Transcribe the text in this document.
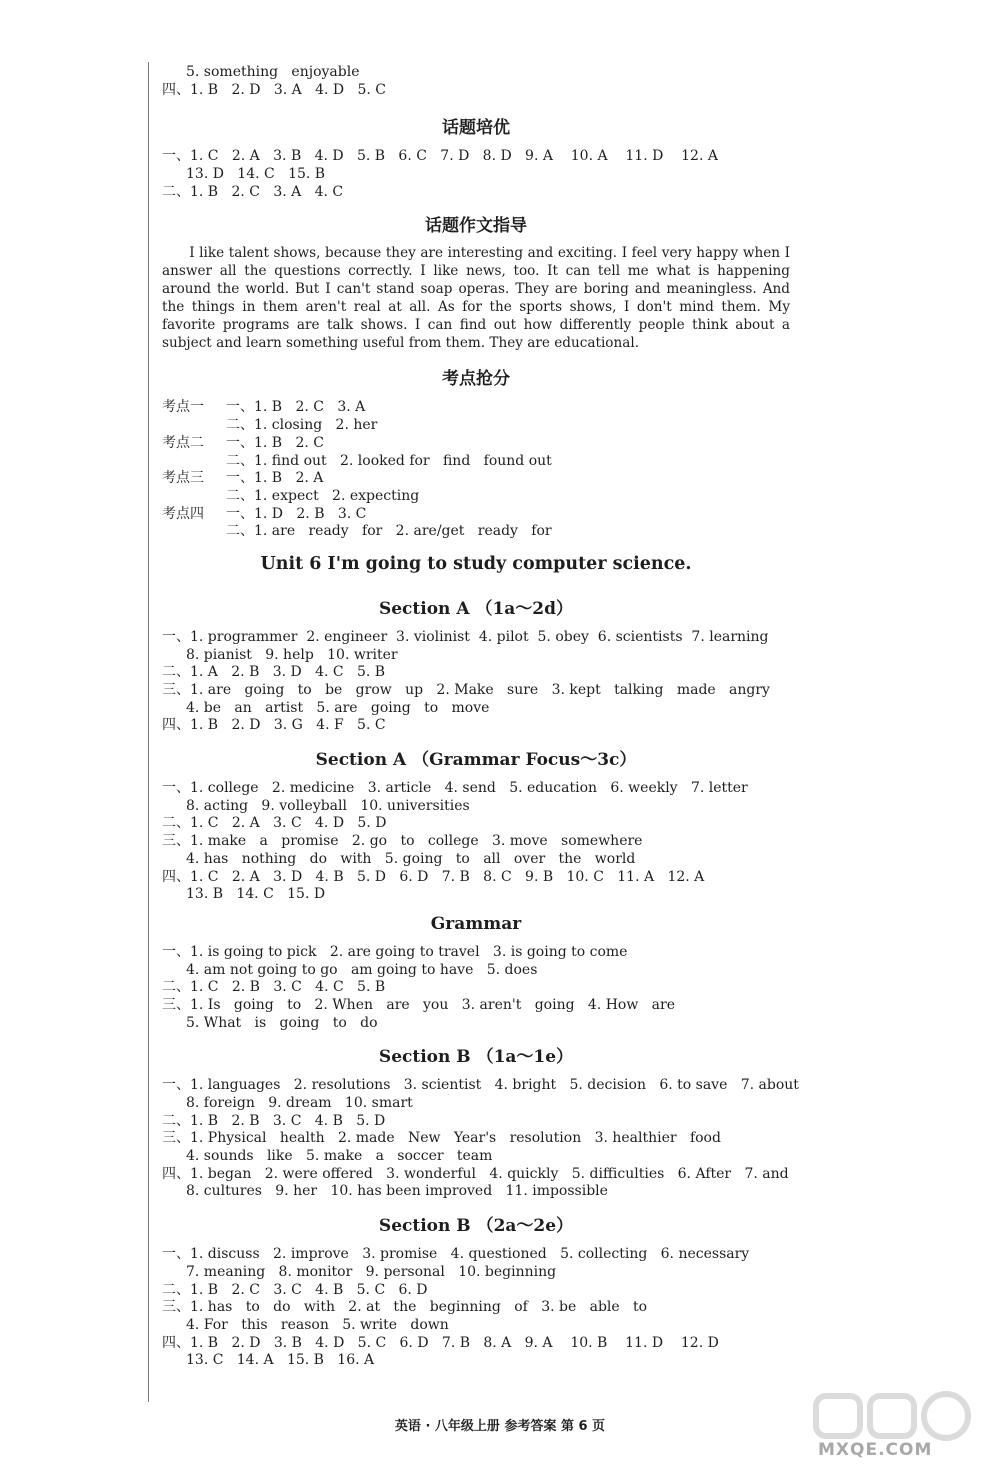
5. something   enjoyable
四、1. B   2. D   3. A   4. D   5. C
话题培优
一、1. C   2. A   3. B   4. D   5. B   6. C   7. D   8. D   9. A    10. A    11. D    12. A
13. D   14. C   15. B
二、1. B   2. C   3. A   4. C
话题作文指导

I like talent shows, because they are interesting and exciting. I feel very happy when I answer all the questions correctly. I like news, too. It can tell me what is happening around the world. But I can't stand soap operas. They are boring and meaningless. And the things in them aren't real at all. As for the sports shows, I don't mind them. My favorite programs are talk shows. I can find out how differently people think about a subject and learn something useful from them. They are educational.

考点抢分
考点一	一、1. B   2. C   3. A
二、1. closing   2. her
考点二	一、1. B   2. C
二、1. find out   2. looked for   find   found out
考点三	一、1. B   2. A
二、1. expect   2. expecting
考点四	一、1. D   2. B   3. C
二、1. are   ready   for   2. are/get   ready   for
Unit 6 I'm going to study computer science.
Section A （1a～2d）
一、1. programmer  2. engineer  3. violinist  4. pilot  5. obey  6. scientists  7. learning
8. pianist   9. help   10. writer
二、1. A   2. B   3. D   4. C   5. B
三、1. are   going   to   be   grow   up   2. Make   sure   3. kept   talking   made   angry
4. be   an   artist   5. are   going   to   move
四、1. B   2. D   3. G   4. F   5. C
Section A （Grammar Focus～3c）
一、1. college   2. medicine   3. article   4. send   5. education   6. weekly   7. letter
8. acting   9. volleyball   10. universities
二、1. C   2. A   3. C   4. D   5. D
三、1. make   a   promise   2. go   to   college   3. move   somewhere
4. has   nothing   do   with   5. going   to   all   over   the   world
四、1. C   2. A   3. D   4. B   5. D   6. D   7. B   8. C   9. B   10. C   11. A   12. A
13. B   14. C   15. D
Grammar
一、1. is going to pick   2. are going to travel   3. is going to come
4. am not going to go   am going to have   5. does
二、1. C   2. B   3. C   4. C   5. B
三、1. Is   going   to   2. When   are   you   3. aren't   going   4. How   are
5. What   is   going   to   do
Section B （1a～1e）
一、1. languages   2. resolutions   3. scientist   4. bright   5. decision   6. to save   7. about
8. foreign   9. dream   10. smart
二、1. B   2. B   3. C   4. B   5. D
三、1. Physical   health   2. made   New   Year's   resolution   3. healthier   food
4. sounds   like   5. make   a   soccer   team
四、1. began   2. were offered   3. wonderful   4. quickly   5. difficulties   6. After   7. and
8. cultures   9. her   10. has been improved   11. impossible
Section B （2a～2e）
一、1. discuss   2. improve   3. promise   4. questioned   5. collecting   6. necessary
7. meaning   8. monitor   9. personal   10. beginning
二、1. B   2. C   3. C   4. B   5. C   6. D
三、1. has   to   do   with   2. at   the   beginning   of   3. be   able   to
4. For   this   reason   5. write   down
四、1. B   2. D   3. B   4. D   5. C   6. D   7. B   8. A   9. A    10. B    11. D    12. D
13. C   14. A   15. B   16. A
英语 · 八年级上册 参考答案 第 6 页
MXQE.COM
